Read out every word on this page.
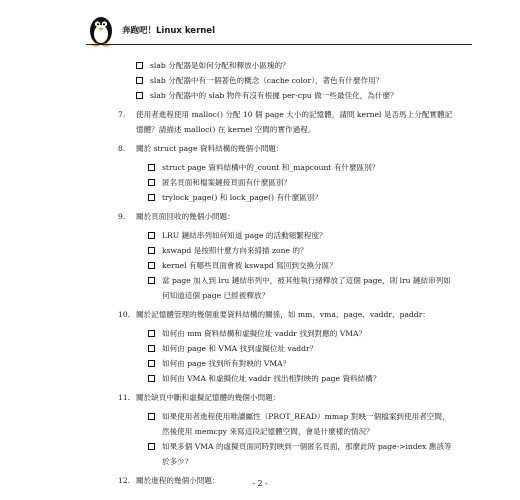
奔跑吧！Linux kernel
slab 分配器是如何分配和釋放小區塊的？
slab 分配器中有一個著色的概念（cache color），著色有什麼作用？
slab 分配器中的 slab 物件有沒有根據 per-cpu 做一些最佳化，為什麼？
7.	使用者進程使用 malloc() 分配 10 個 page 大小的記憶體，請問 kernel 是否馬上分配實體記憶體？請描述 malloc() 在 kernel 空間的實作過程。
8.	關於 struct page 資料結構的幾個小問題：
struct page 資料結構中的_count 和_mapcount 有什麼區別？
匿名頁面和檔案鏈接頁面有什麼區別？
trylock_page() 和 lock_page() 有什麼區別？
9.	關於頁面回收的幾個小問題：
LRU 鏈結串列如何知道 page 的活動頻繁程度？
kswapd 是按照什麼方向來掃描 zone 的？
kernel 有哪些頁面會被 kswapd 寫回到交換分區？
當 page 加入到 lru 鏈結串列中，被其他執行緒釋放了這個 page，則 lru 鏈結串列如何知道這個 page 已經被釋放？
10. 關於記憶體管理的幾個重要資料結構的關係，如 mm、vma、page、vaddr、paddr：
如何由 mm 資料結構和虛擬位址 vaddr 找到對應的 VMA？
如何由 page 和 VMA 找到虛擬位址 vaddr？
如何由 page 找到所有對映的 VMA？
如何由 VMA 和虛擬位址 vaddr 找出相對映的 page 資料結構？
11. 關於缺頁中斷和虛擬記憶體的幾個小問題：
如果使用者進程使用唯讀屬性（PROT_READ）mmap 對映一個檔案到使用者空間，然後使用 memcpy 來寫這段記憶體空間，會是什麼樣的情況？
如果多個 VMA 的虛擬頁面同時對映到一個匿名頁面，那麼此時 page->index 應該等於多少？
12. 關於進程的幾個小問題：	- 2 -
